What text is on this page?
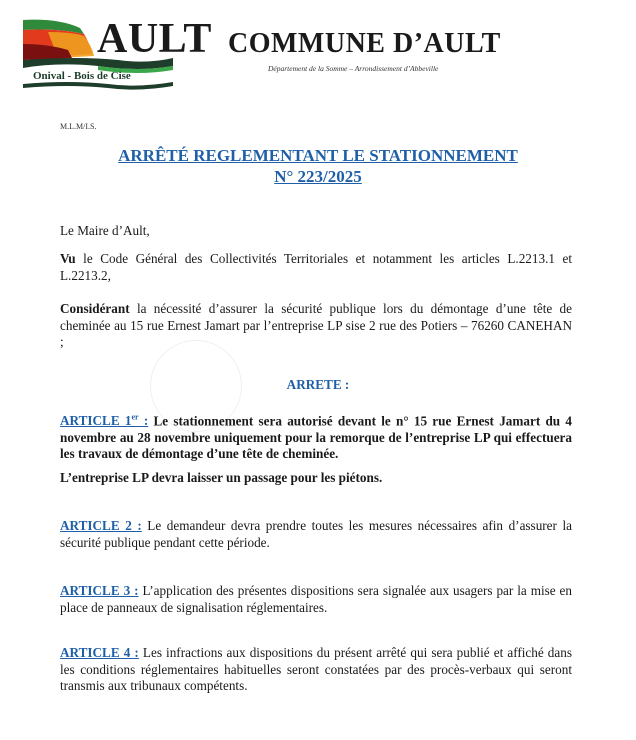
AULT
Onival - Bois de Cise
COMMUNE D’AULT
Département de la Somme – Arrondissement d’Abbeville
M.L.M/I.S.
ARRÊTÉ REGLEMENTANT LE STATIONNEMENT
N° 223/2025
Le Maire d’Ault,
Vu le Code Général des Collectivités Territoriales et notamment les articles L.2213.1 et L.2213.2,
Considérant la nécessité d’assurer la sécurité publique lors du démontage d’une tête de cheminée au 15 rue Ernest Jamart par l’entreprise LP sise 2 rue des Potiers – 76260 CANEHAN ;
ARRETE :
ARTICLE 1er : Le stationnement sera autorisé devant le n° 15 rue Ernest Jamart du 4 novembre au 28 novembre uniquement pour la remorque de l’entreprise LP qui effectuera les travaux de démontage d’une tête de cheminée.
L’entreprise LP devra laisser un passage pour les piétons.
ARTICLE 2 : Le demandeur devra prendre toutes les mesures nécessaires afin d’assurer la sécurité publique pendant cette période.
ARTICLE 3 : L’application des présentes dispositions sera signalée aux usagers par la mise en place de panneaux de signalisation réglementaires.
ARTICLE 4 : Les infractions aux dispositions du présent arrêté qui sera publié et affiché dans les conditions réglementaires habituelles seront constatées par des procès-verbaux qui seront transmis aux tribunaux compétents.
